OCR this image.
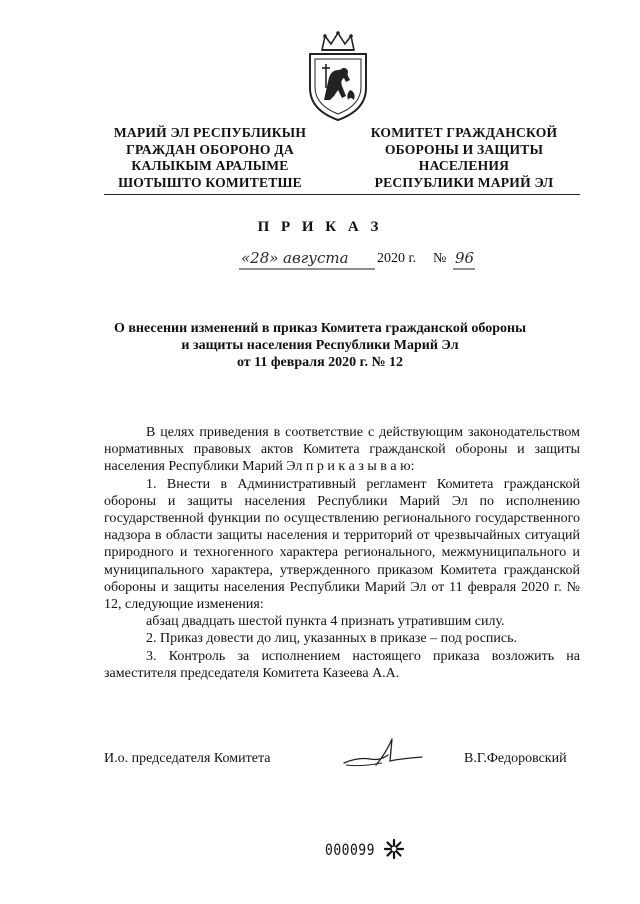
МАРИЙ ЭЛ РЕСПУБЛИКЫН
ГРАЖДАН ОБОРОНО ДА
КАЛЫКЫМ АРАЛЫМЕ
ШОТЫШТО КОМИТЕТШЕ
КОМИТЕТ ГРАЖДАНСКОЙ
ОБОРОНЫ И ЗАЩИТЫ
НАСЕЛЕНИЯ
РЕСПУБЛИКИ МАРИЙ ЭЛ
П Р И К А З
«28» августа 2020 г. № 96
О внесении изменений в приказ Комитета гражданской обороны
и защиты населения Республики Марий Эл
от 11 февраля 2020 г. № 12

В целях приведения в соответствие с действующим законодательством нормативных правовых актов Комитета гражданской обороны и защиты населения Республики Марий Эл п р и к а з ы в а ю:

1. Внести в Административный регламент Комитета гражданской обороны и защиты населения Республики Марий Эл по исполнению государственной функции по осуществлению регионального государственного надзора в области защиты населения и территорий от чрезвычайных ситуаций природного и техногенного характера регионального, межмуниципального и муниципального характера, утвержденного приказом Комитета гражданской обороны и защиты населения Республики Марий Эл от 11 февраля 2020 г. № 12, следующие изменения:

абзац двадцать шестой пункта 4 признать утратившим силу.

2. Приказ довести до лиц, указанных в приказе – под роспись.

3. Контроль за исполнением настоящего приказа возложить на заместителя председателя Комитета Казеева А.А.

И.о. председателя Комитета	В.Г.Федоровский
000099
